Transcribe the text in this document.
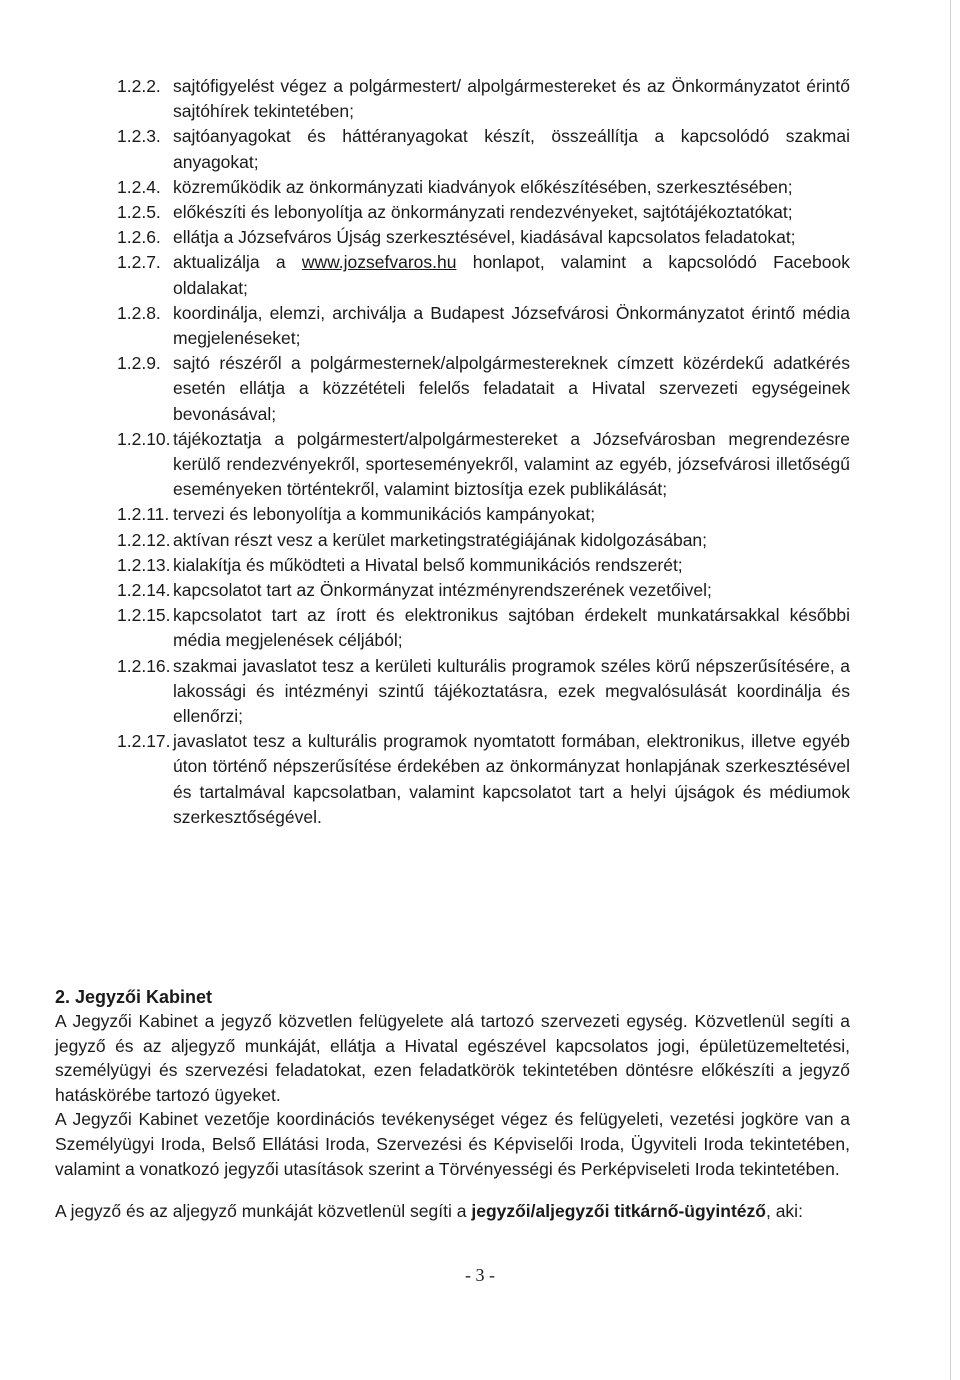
1.2.2. sajtófigyelést végez a polgármestert/ alpolgármestereket és az Önkormányzatot érintő sajtóhírek tekintetében;
1.2.3. sajtóanyagokat és háttéranyagokat készít, összeállítja a kapcsolódó szakmai anyagokat;
1.2.4. közreműködik az önkormányzati kiadványok előkészítésében, szerkesztésében;
1.2.5. előkészíti és lebonyolítja az önkormányzati rendezvényeket, sajtótájékoztatókat;
1.2.6. ellátja a Józsefváros Újság szerkesztésével, kiadásával kapcsolatos feladatokat;
1.2.7. aktualizálja a www.jozsefvaros.hu honlapot, valamint a kapcsolódó Facebook oldalakat;
1.2.8. koordinálja, elemzi, archiválja a Budapest Józsefvárosi Önkormányzatot érintő média megjelenéseket;
1.2.9. sajtó részéről a polgármesternek/alpolgármestereknek címzett közérdekű adatkérés esetén ellátja a közzétételi felelős feladatait a Hivatal szervezeti egységeinek bevonásával;
1.2.10. tájékoztatja a polgármestert/alpolgármestereket a Józsefvárosban megrendezésre kerülő rendezvényekről, sporteseményekről, valamint az egyéb, józsefvárosi illetőségű eseményeken történtekről, valamint biztosítja ezek publikálását;
1.2.11. tervezi és lebonyolítja a kommunikációs kampányokat;
1.2.12. aktívan részt vesz a kerület marketingstratégiájának kidolgozásában;
1.2.13. kialakítja és működteti a Hivatal belső kommunikációs rendszerét;
1.2.14. kapcsolatot tart az Önkormányzat intézményrendszerének vezetőivel;
1.2.15. kapcsolatot tart az írott és elektronikus sajtóban érdekelt munkatársakkal későbbi média megjelenések céljából;
1.2.16. szakmai javaslatot tesz a kerületi kulturális programok széles körű népszerűsítésére, a lakossági és intézményi szintű tájékoztatásra, ezek megvalósulását koordinálja és ellenőrzi;
1.2.17. javaslatot tesz a kulturális programok nyomtatott formában, elektronikus, illetve egyéb úton történő népszerűsítése érdekében az önkormányzat honlapjának szerkesztésével és tartalmával kapcsolatban, valamint kapcsolatot tart a helyi újságok és médiumok szerkesztőségével.
2. Jegyzői Kabinet

A Jegyzői Kabinet a jegyző közvetlen felügyelete alá tartozó szervezeti egység. Közvetlenül segíti a jegyző és az aljegyző munkáját, ellátja a Hivatal egészével kapcsolatos jogi, épületüzemeltetési, személyügyi és szervezési feladatokat, ezen feladatkörök tekintetében döntésre előkészíti a jegyző hatáskörébe tartozó ügyeket.

A Jegyzői Kabinet vezetője koordinációs tevékenységet végez és felügyeleti, vezetési jogköre van a Személyügyi Iroda, Belső Ellátási Iroda, Szervezési és Képviselői Iroda, Ügyviteli Iroda tekintetében, valamint a vonatkozó jegyzői utasítások szerint a Törvényességi és Perképviseleti Iroda tekintetében.

A jegyző és az aljegyző munkáját közvetlenül segíti a jegyzői/aljegyzői titkárnő-ügyintéző, aki:

- 3 -
